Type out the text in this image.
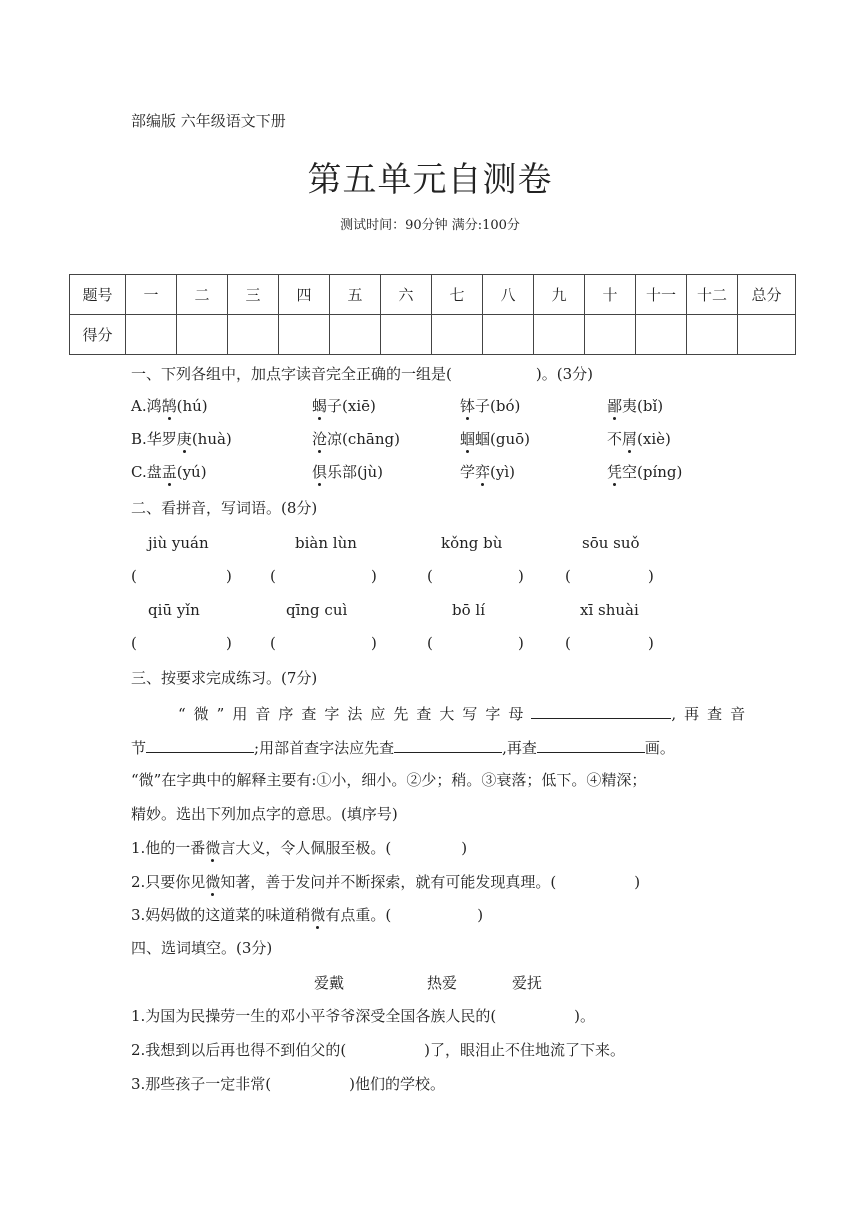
部编版 六年级语文下册
第五单元自测卷
测试时间：90分钟 满分:100分
题号	一	二	三	四	五	六	七	八	九	十	十一	十二	总分
得分													
一、下列各组中，加点字读音完全正确的一组是(	)。(3分)
A.鸿鹄(hú)	蝎子(xiē)	钵子(bó)	鄙夷(bǐ)
B.华罗庚(huà)	沧凉(chāng)	蝈蝈(guō)	不屑(xiè)
C.盘盂(yú)	俱乐部(jù)	学弈(yì)	凭空(píng)
二、看拼音，写词语。(8分)
jiù yuán	biàn lùn	kǒng bù	sōu suǒ
(	)	(	)	(	)	(	)
qiū yǐn	qīng cuì	bō lí	xī shuài
(	)	(	)	(	)	(	)
三、按要求完成练习。(7分)
“微”用音序查字法应先查大写字母	,再查音
节	;用部首查字法应先查	,再查	画。
“微”在字典中的解释主要有:①小，细小。②少；稍。③衰落；低下。④精深；
精妙。选出下列加点字的意思。(填序号)
1.他的一番微言大义，令人佩服至极。(	)
2.只要你见微知著，善于发问并不断探索，就有可能发现真理。(	)
3.妈妈做的这道菜的味道稍微有点重。(	)
四、选词填空。(3分)
爱戴	热爱	爱抚
1.为国为民操劳一生的邓小平爷爷深受全国各族人民的(	)。
2.我想到以后再也得不到伯父的(	)了，眼泪止不住地流了下来。
3.那些孩子一定非常(	)他们的学校。
